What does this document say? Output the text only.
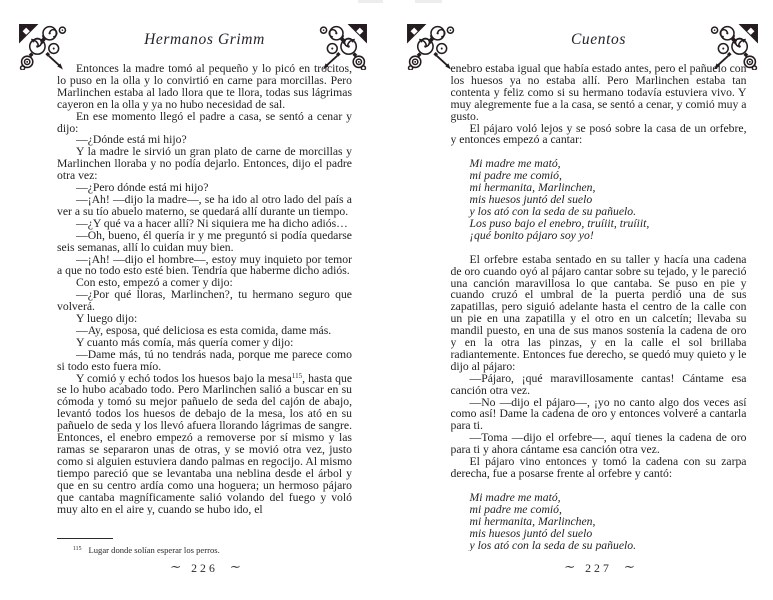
Hermanos Grimm

Entonces la madre tomó al pequeño y lo picó en trocitos, lo puso en la olla y lo convirtió en carne para morcillas. Pero Marlinchen estaba al lado llora que te llora, todas sus lágrimas cayeron en la olla y ya no hubo necesidad de sal.

En ese momento llegó el padre a casa, se sentó a cenar y dijo:

—¿Dónde está mi hijo?

Y la madre le sirvió un gran plato de carne de morcillas y Marlinchen lloraba y no podía dejarlo. Entonces, dijo el padre otra vez:

—¿Pero dónde está mi hijo?

—¡Ah! —dijo la madre—, se ha ido al otro lado del país a ver a su tío abuelo materno, se quedará allí durante un tiempo.

—¿Y qué va a hacer allí? Ni siquiera me ha dicho adiós…

—Oh, bueno, él quería ir y me preguntó si podía quedarse seis semanas, allí lo cuidan muy bien.

—¡Ah! —dijo el hombre—, estoy muy inquieto por temor a que no todo esto esté bien. Tendría que haberme dicho adiós.

Con esto, empezó a comer y dijo:

—¿Por qué lloras, Marlinchen?, tu hermano seguro que volverá.

Y luego dijo:

—Ay, esposa, qué deliciosa es esta comida, dame más.

Y cuanto más comía, más quería comer y dijo:

—Dame más, tú no tendrás nada, porque me parece como si todo esto fuera mío.

Y comió y echó todos los huesos bajo la mesa$^{115}$, hasta que se lo hubo acabado todo. Pero Marlinchen salió a buscar en su cómoda y tomó su mejor pañuelo de seda del cajón de abajo, levantó todos los huesos de debajo de la mesa, los ató en su pañuelo de seda y los llevó afuera llorando lágrimas de sangre. Entonces, el enebro empezó a removerse por sí mismo y las ramas se separaron unas de otras, y se movió otra vez, justo como si alguien estuviera dando palmas en regocijo. Al mismo tiempo pareció que se levantaba una neblina desde el árbol y que en su centro ardía como una hoguera; un hermoso pájaro que cantaba magníficamente salió volando del fuego y voló muy alto en el aire y, cuando se hubo ido, el

$^{115}$ Lugar donde solían esperar los perros.
∼ 226 ∼
Cuentos

enebro estaba igual que había estado antes, pero el pañuelo con los huesos ya no estaba allí. Pero Marlinchen estaba tan contenta y feliz como si su hermano todavía estuviera vivo. Y muy alegremente fue a la casa, se sentó a cenar, y comió muy a gusto.

El pájaro voló lejos y se posó sobre la casa de un orfebre, y entonces empezó a cantar:

Mi madre me mató,

mi padre me comió,

mi hermanita, Marlinchen,

mis huesos juntó del suelo

y los ató con la seda de su pañuelo.

Los puso bajo el enebro, truíiit, truíiit,

¡qué bonito pájaro soy yo!

El orfebre estaba sentado en su taller y hacía una cadena de oro cuando oyó al pájaro cantar sobre su tejado, y le pareció una canción maravillosa lo que cantaba. Se puso en pie y cuando cruzó el umbral de la puerta perdió una de sus zapatillas, pero siguió adelante hasta el centro de la calle con un pie en una zapatilla y el otro en un calcetín; llevaba su mandil puesto, en una de sus manos sostenía la cadena de oro y en la otra las pinzas, y en la calle el sol brillaba radiantemente. Entonces fue derecho, se quedó muy quieto y le dijo al pájaro:

—Pájaro, ¡qué maravillosamente cantas! Cántame esa canción otra vez.

—No —dijo el pájaro—, ¡yo no canto algo dos veces así como así! Dame la cadena de oro y entonces volveré a cantarla para ti.

—Toma —dijo el orfebre—, aquí tienes la cadena de oro para ti y ahora cántame esa canción otra vez.

El pájaro vino entonces y tomó la cadena con su zarpa derecha, fue a posarse frente al orfebre y cantó:

Mi madre me mató,

mi padre me comió,

mi hermanita, Marlinchen,

mis huesos juntó del suelo

y los ató con la seda de su pañuelo.

∼ 227 ∼
